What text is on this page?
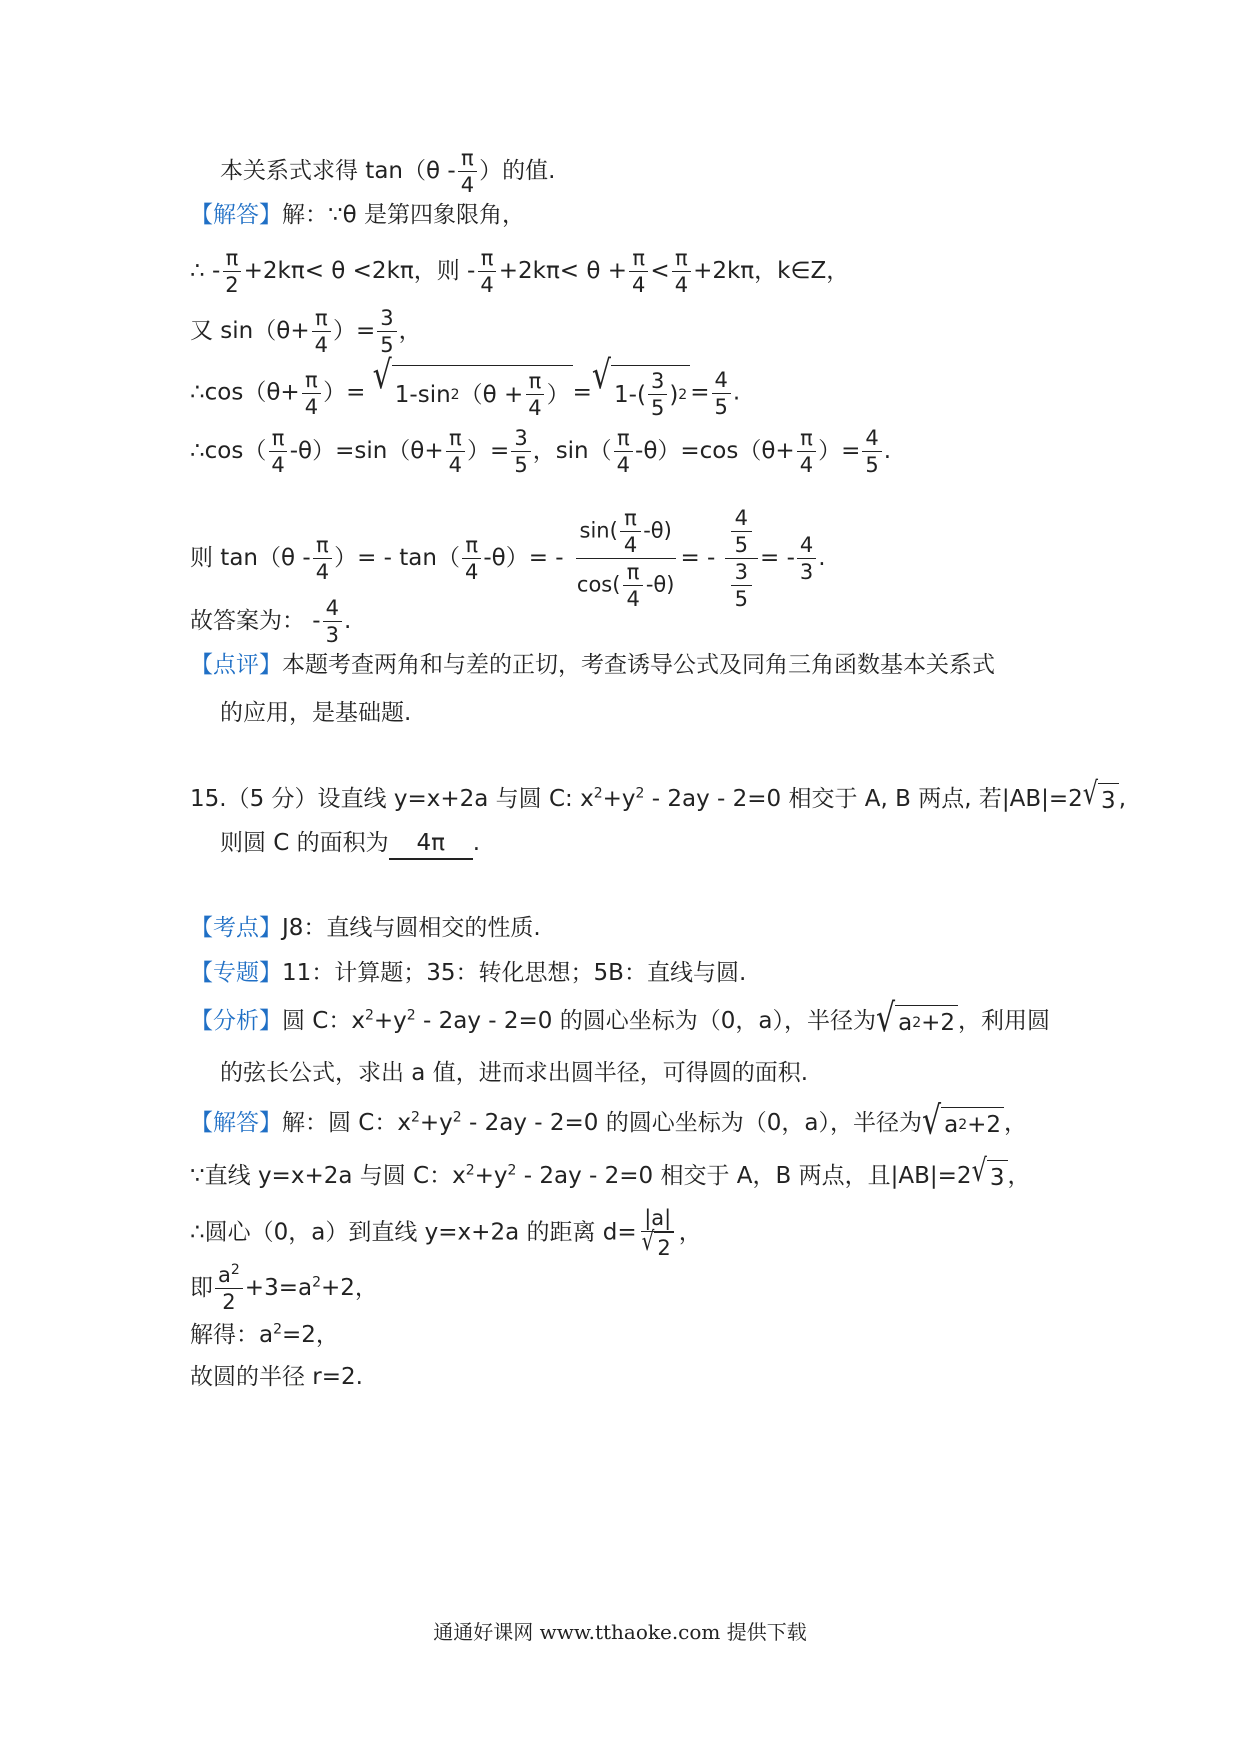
本关系式求得 $\tan(\theta - \frac{\pi}{4}$ ）的值.
【解答】解：∵θ 是第四象限角，
∴ - $\frac{\pi}{2} +2k\pi< \theta <2k\pi$，则 - $\frac{\pi}{4} +2k\pi< \theta + \frac{\pi}{4} < \frac{\pi}{4} +2k\pi$，k∈Z，
又 $\sin(\theta+ \frac{\pi}{4}$ ）= $\frac{3}{5}$ ，
∴cos（θ+ $\frac{\pi}{4}$ ）= √ 1-sin 2 （$\theta + \frac{\pi}{4}$ ） = √ $1-( \frac{3}{5}$ ) $2 = \frac{4}{5}$ .
∴cos（ $\frac{\pi}{4} -\theta)=\sin(\theta+ \frac{\pi}{4}$ ）= $\frac{3}{5}$ ，$\sin( \frac{\pi}{4} -\theta)=\cos(\theta+ \frac{\pi}{4}$ ）= $\frac{4}{5}$ .
则 $\tan(\theta - \frac{\pi}{4}$ ）= - $\tan( \frac{\pi}{4} -\theta)= - \frac{\sin( \frac{\pi}{4} -\theta)}{\cos( \frac{\pi}{4} -\theta)}$ = - $\frac{\frac{4}{5}}{\frac{3}{5}}$ = - $\frac{4}{3}$ .
故答案为： - $\frac{4}{3}$ .
【点评】本题考查两角和与差的正切，考查诱导公式及同角三角函数基本关系式
的应用，是基础题.
15.（5 分）设直线 y=x+2a 与圆 C: $x^2+y^2 - 2ay - 2=0$ 相交于 A, B 两点, 若|AB|=2 √ 3 ,
则圆 C 的面积为 4π .
【考点】J8：直线与圆相交的性质.
【专题】11：计算题；35：转化思想；5B：直线与圆.
【分析】圆 C：$x^2+y^2 - 2ay - 2=0$ 的圆心坐标为（0，a），半径为 √ a 2 +2 ，利用圆
的弦长公式，求出 a 值，进而求出圆半径，可得圆的面积.
【解答】解：圆 C：$x^2+y^2 - 2ay - 2=0$ 的圆心坐标为（0，a），半径为 √ a 2 +2 ，
∵直线 y=x+2a 与圆 C：$x^2+y^2 - 2ay - 2=0$ 相交于 A，B 两点，且|AB|=2 √ 3 ，
∴圆心（0，a）到直线 y=x+2a 的距离 $d= \frac{|a|}{√ 2}$ ，
即 $\frac{a^2}{2} +3=a^2+2$，
解得：$a^2=2$，
故圆的半径 r=2.
通通好课网 www.tthaoke.com 提供下载
